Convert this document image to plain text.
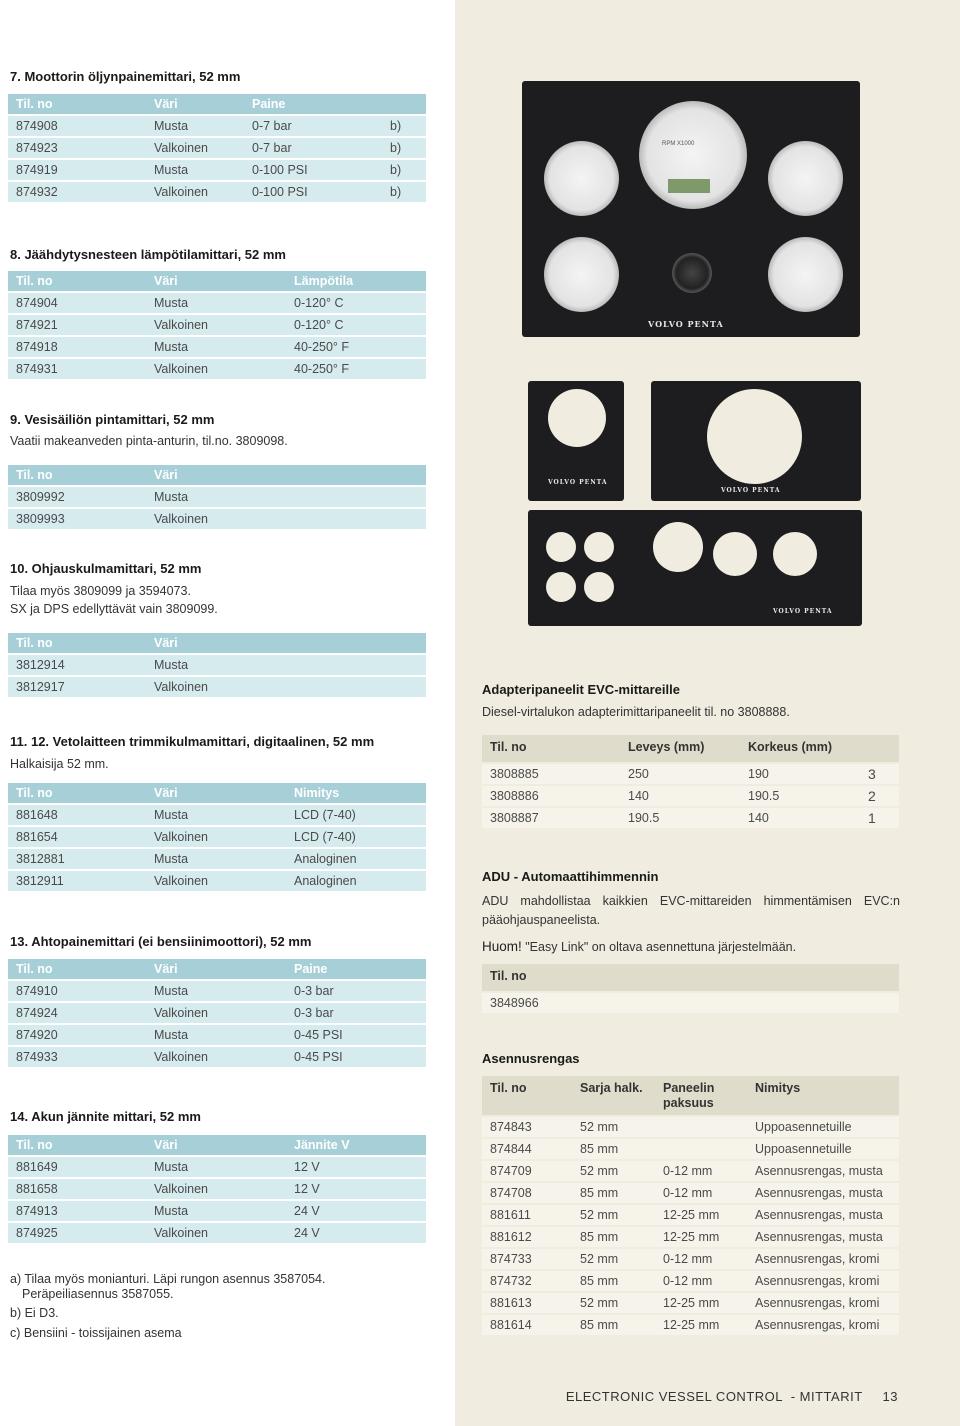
7. Moottorin öljynpainemittari, 52 mm
Til. no	Väri	Paine	
874908	Musta	0-7 bar	b)
874923	Valkoinen	0-7 bar	b)
874919	Musta	0-100 PSI	b)
874932	Valkoinen	0-100 PSI	b)
8. Jäähdytysnesteen lämpötilamittari, 52 mm
Til. no	Väri	Lämpötila
874904	Musta	0-120° C
874921	Valkoinen	0-120° C
874918	Musta	40-250° F
874931	Valkoinen	40-250° F
9. Vesisäiliön pintamittari, 52 mm
Vaatii makeanveden pinta-anturin, til.no. 3809098.
Til. no	Väri
3809992	Musta
3809993	Valkoinen
10. Ohjauskulmamittari, 52 mm
Tilaa myös 3809099 ja 3594073.
SX ja DPS edellyttävät vain 3809099.
Til. no	Väri
3812914	Musta
3812917	Valkoinen
11. 12. Vetolaitteen trimmikulmamittari, digitaalinen, 52 mm
Halkaisija 52 mm.
Til. no	Väri	Nimitys
881648	Musta	LCD (7-40)
881654	Valkoinen	LCD (7-40)
3812881	Musta	Analoginen
3812911	Valkoinen	Analoginen
13. Ahtopainemittari (ei bensiinimoottori), 52 mm
Til. no	Väri	Paine
874910	Musta	0-3 bar
874924	Valkoinen	0-3 bar
874920	Musta	0-45 PSI
874933	Valkoinen	0-45 PSI
14. Akun jännite mittari, 52 mm
Til. no	Väri	Jännite V
881649	Musta	12 V
881658	Valkoinen	12 V
874913	Musta	24 V
874925	Valkoinen	24 V
a) Tilaa myös monianturi. Läpi rungon asennus 3587054.
Peräpeiliasennus 3587055.
b) Ei D3.
c) Bensiini - toissijainen asema
RPM X1000
VOLVO PENTA
VOLVO PENTA
VOLVO PENTA
VOLVO PENTA
Adapteripaneelit EVC-mittareille
Diesel-virtalukon adapterimittaripaneelit til. no 3808888.
Til. no	Leveys (mm)	Korkeus (mm)	
3808885	250	190	3
3808886	140	190.5	2
3808887	190.5	140	1
ADU - Automaattihimmennin
ADU mahdollistaa kaikkien EVC-mittareiden himmentämisen EVC:n pääohjauspaneelista.
Huom! "Easy Link" on oltava asennettuna järjestelmään.
Til. no
3848966
Asennusrengas
Til. no	Sarja halk.	Paneelin paksuus	Nimitys
874843	52 mm		Uppoasennetuille
874844	85 mm		Uppoasennetuille
874709	52 mm	0-12 mm	Asennusrengas, musta
874708	85 mm	0-12 mm	Asennusrengas, musta
881611	52 mm	12-25 mm	Asennusrengas, musta
881612	85 mm	12-25 mm	Asennusrengas, musta
874733	52 mm	0-12 mm	Asennusrengas, kromi
874732	85 mm	0-12 mm	Asennusrengas, kromi
881613	52 mm	12-25 mm	Asennusrengas, kromi
881614	85 mm	12-25 mm	Asennusrengas, kromi
ELECTRONIC VESSEL CONTROL  - MITTARIT 13
